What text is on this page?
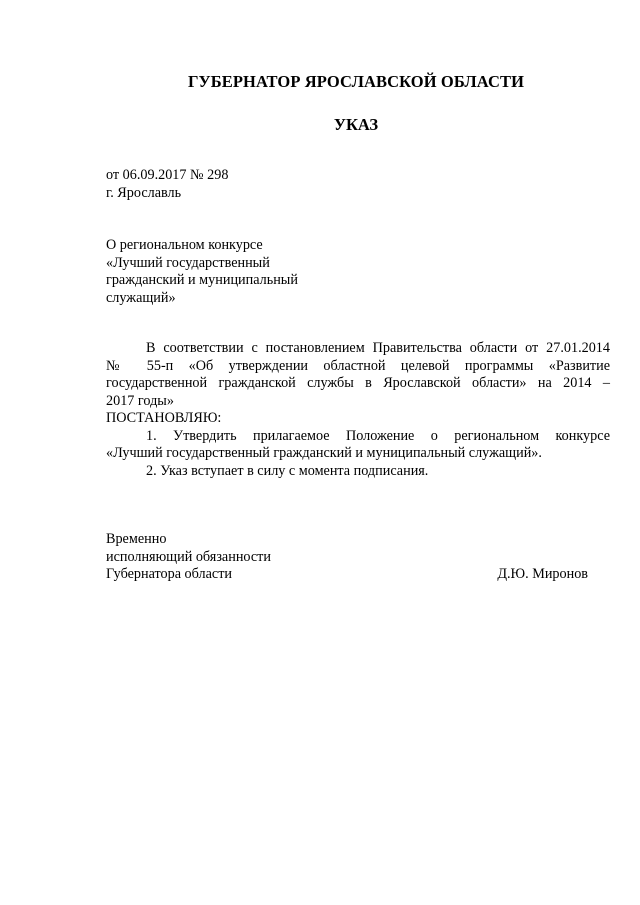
ГУБЕРНАТОР ЯРОСЛАВСКОЙ ОБЛАСТИ
УКАЗ
от 06.09.2017 № 298
г. Ярославль
О региональном конкурсе
«Лучший государственный
гражданский и муниципальный
служащий»
В соответствии с постановлением Правительства области от 27.01.2014
№ 55-п «Об утверждении областной целевой программы «Развитие
государственной гражданской службы в Ярославской области» на 2014 –
2017 годы»
ПОСТАНОВЛЯЮ:
1. Утвердить прилагаемое Положение о региональном конкурсе
«Лучший государственный гражданский и муниципальный служащий».
2. Указ вступает в силу с момента подписания.
Временно
исполняющий обязанности
Губернатора области	Д.Ю. Миронов
